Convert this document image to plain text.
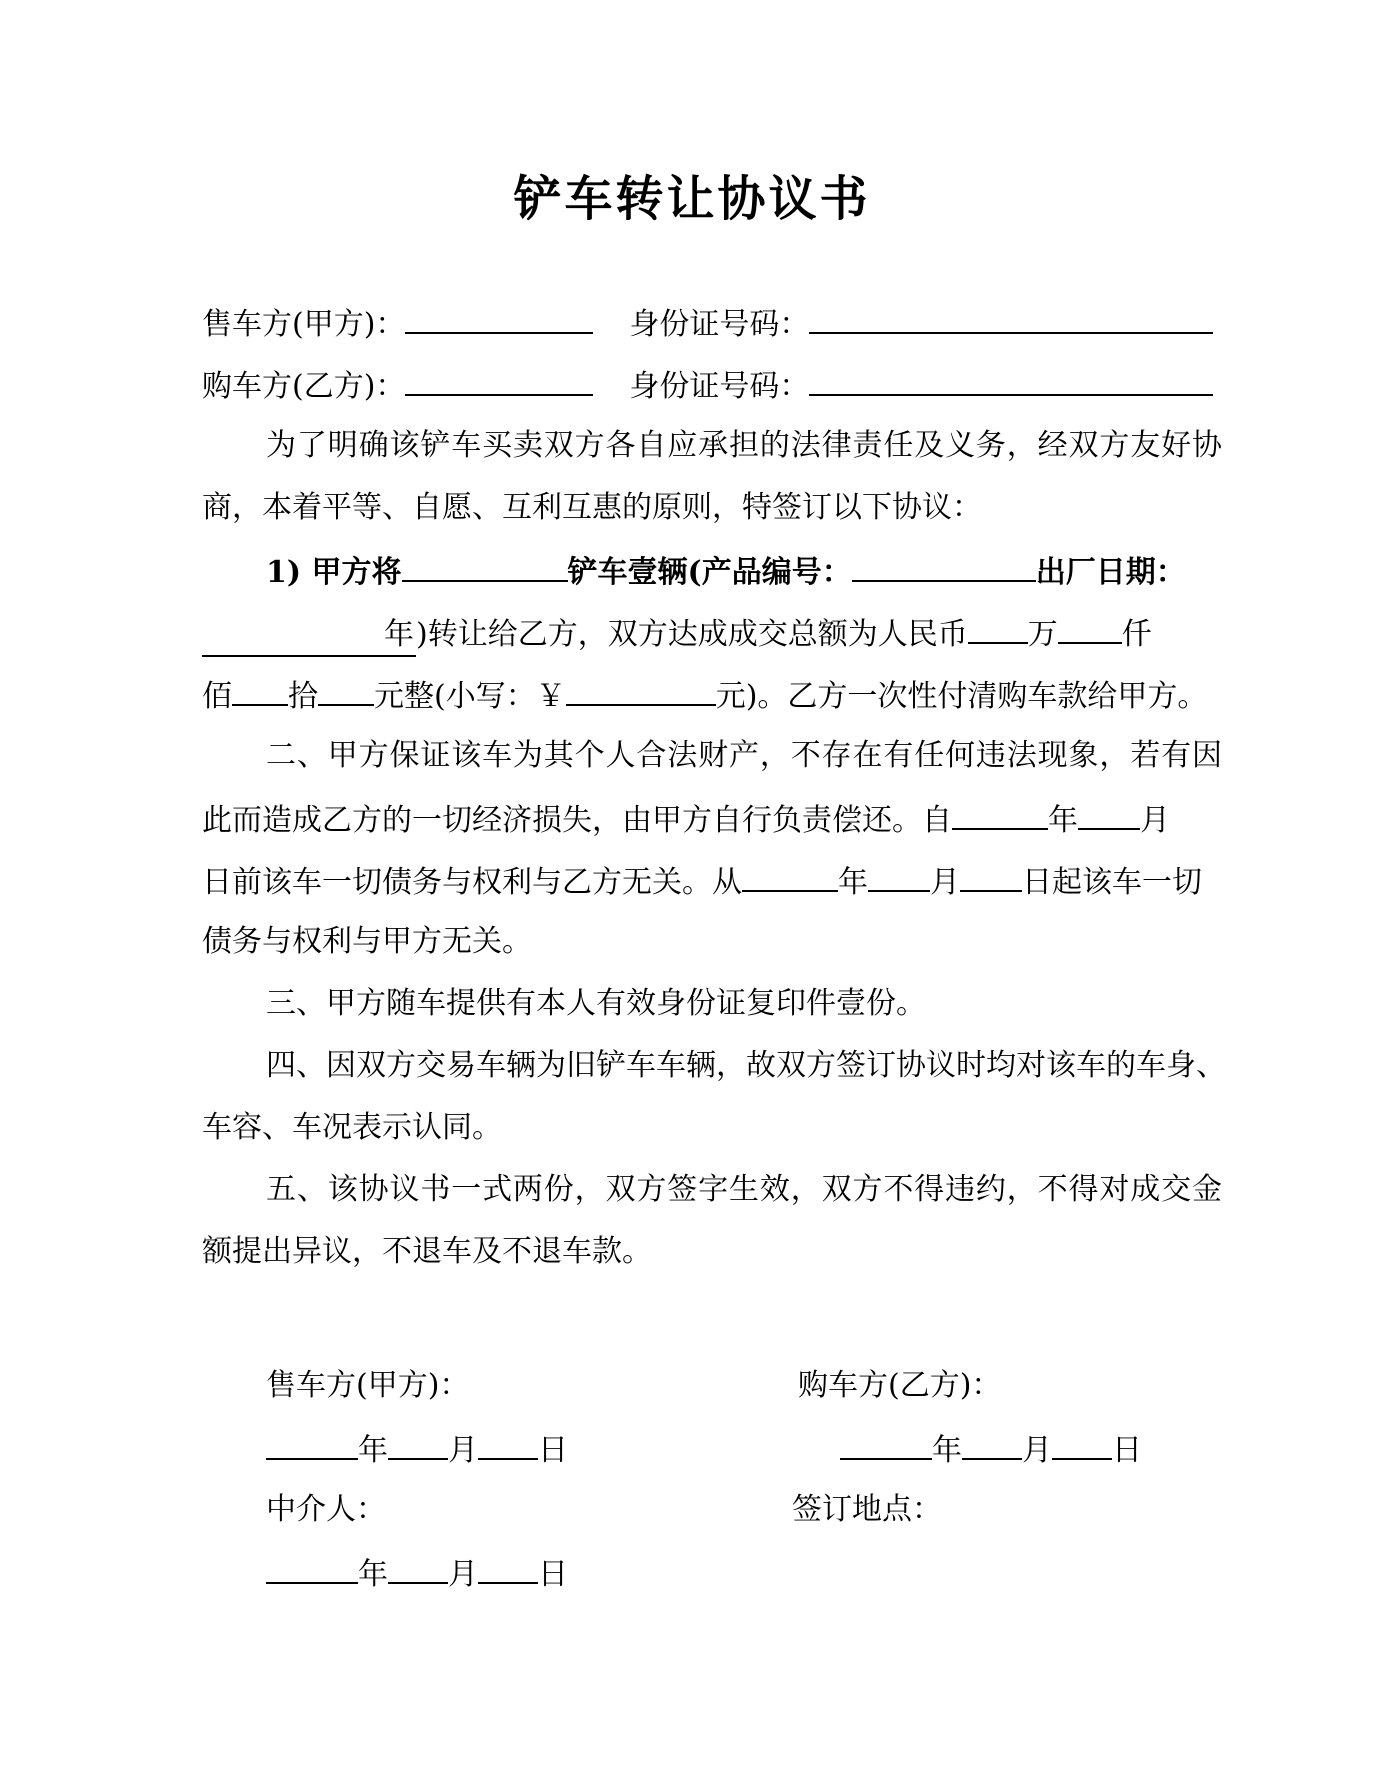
铲车转让协议书
售车方(甲方)：	身份证号码：
购车方(乙方)：	身份证号码：
为了明确该铲车买卖双方各自应承担的法律责任及义务，经双方友好协
商，本着平等、自愿、互利互惠的原则，特签订以下协议：
1) 甲方将	铲车壹辆(产品编号：	出厂日期：
年)转让给乙方，双方达成成交总额为人民币 万 仟
佰 拾 元整(小写：￥	元)。乙方一次性付清购车款给甲方。
二、甲方保证该车为其个人合法财产，不存在有任何违法现象，若有因
此而造成乙方的一切经济损失，由甲方自行负责偿还。自	年 月
日前该车一切债务与权利与乙方无关。从	年 月 日起该车一切
债务与权利与甲方无关。
三、甲方随车提供有本人有效身份证复印件壹份。
四、因双方交易车辆为旧铲车车辆，故双方签订协议时均对该车的车身、
车容、车况表示认同。
五、该协议书一式两份，双方签字生效，双方不得违约，不得对成交金
额提出异议，不退车及不退车款。
售车方(甲方)：	购车方(乙方)：
年 月 日	年 月 日
中介人：	签订地点：
年 月 日
